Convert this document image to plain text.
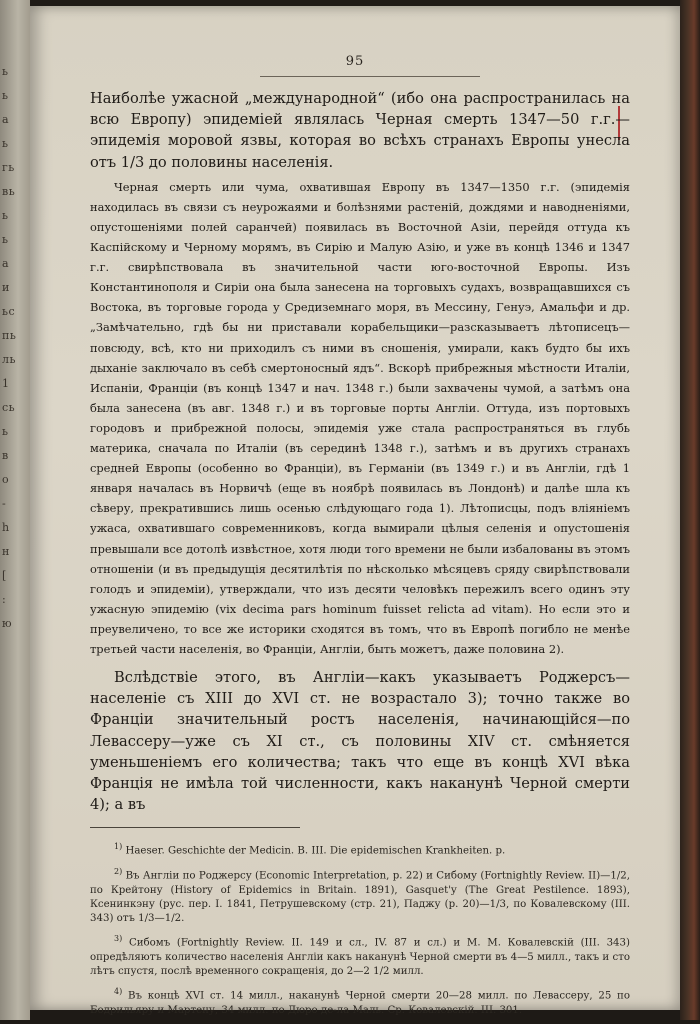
ь
ь
а
ь
гь
вь
ь
ь
а
и
ьс
пь
ль
1
сь
ь
в
о
-
h
н
[
:
ю
95

Наиболѣе ужасной „международной“ (ибо она распространилась на всю Европу) эпидеміей являлась Черная смерть 1347—50 г.г.—эпидемія моровой язвы, которая во всѣхъ странахъ Европы унесла отъ 1/3 до половины населенія.

Черная смерть или чума, охватившая Европу въ 1347—1350 г.г. (эпидемія находилась въ связи съ неурожаями и болѣзнями растеній, дождями и наводненіями, опустошеніями полей саранчей) появилась въ Восточной Азіи, перейдя оттуда къ Каспійскому и Черному морямъ, въ Сирію и Малую Азію, и уже въ концѣ 1346 и 1347 г.г. свирѣпствовала въ значительной части юго-восточной Европы. Изъ Константинополя и Сиріи она была занесена на торговыхъ судахъ, возвращавшихся съ Востока, въ торговые города у Средиземнаго моря, въ Мессину, Генуэ, Амальфи и др. „Замѣчательно, гдѣ бы ни приставали корабельщики—разсказываетъ лѣтописецъ—повсюду, всѣ, кто ни приходилъ съ ними въ сношенія, умирали, какъ будто бы ихъ дыханіе заключало въ себѣ смертоносный ядъ“. Вскорѣ прибрежныя мѣстности Италіи, Испаніи, Франціи (въ концѣ 1347 и нач. 1348 г.) были захвачены чумой, а затѣмъ она была занесена (въ авг. 1348 г.) и въ торговые порты Англіи. Оттуда, изъ портовыхъ городовъ и прибрежной полосы, эпидемія уже стала распространяться въ глубь материка, сначала по Италіи (въ серединѣ 1348 г.), затѣмъ и въ другихъ странахъ средней Европы (особенно во Франціи), въ Германіи (въ 1349 г.) и въ Англіи, гдѣ 1 января началась въ Норвичѣ (еще въ ноябрѣ появилась въ Лондонѣ) и далѣе шла къ сѣверу, прекратившись лишь осенью слѣдующаго года 1). Лѣтописцы, подъ вліяніемъ ужаса, охватившаго современниковъ, когда вымирали цѣлыя селенія и опустошенія превышали все дотолѣ извѣстное, хотя люди того времени не были избалованы въ этомъ отношеніи (и въ предыдущія десятилѣтія по нѣсколько мѣсяцевъ сряду свирѣпствовали голодъ и эпидеміи), утверждали, что изъ десяти человѣкъ пережилъ всего одинъ эту ужасную эпидемію (vix decima pars hominum fuisset relicta ad vitam). Но если это и преувеличено, то все же историки сходятся въ томъ, что въ Европѣ погибло не менѣе третьей части населенія, во Франціи, Англіи, быть можетъ, даже половина 2).

Вслѣдствіе этого, въ Англіи—какъ указываетъ Роджерсъ—населеніе съ XIII до XVI ст. не возрастало 3); точно также во Франціи значительный ростъ населенія, начинающійся—по Левассеру—уже съ XI ст., съ половины XIV ст. смѣняется уменьшеніемъ его количества; такъ что еще въ концѣ XVI вѣка Франція не имѣла той численности, какъ наканунѣ Черной смерти 4); а въ

$^{1)}$ Haeser. Geschichte der Medicin. B. III. Die epidemischen Krankheiten. p.

$^{2)}$ Въ Англіи по Роджерсу (Economic Interpretation, p. 22) и Сибому (Fortnightly Review. II)—1/2, по Крейтону (History of Epidemics in Britain. 1891), Gasquet'y (The Great Pestilence. 1893), Ксенинкэну (рус. пер. I. 1841, Петрушевскому (стр. 21), Паджу (p. 20)—1/3, по Ковалевскому (III. 343) отъ 1/3—1/2.

$^{3)}$ Сибомъ (Fortnightly Review. II. 149 и сл., IV. 87 и сл.) и М. М. Ковалевскій (III. 343) опредѣляютъ количество населенія Англіи какъ наканунѣ Черной смерти въ 4—5 милл., такъ и сто лѣтъ спустя, послѣ временного сокращенія, до 2—2 1/2 милл.

$^{4)}$ Въ концѣ XVI ст. 14 милл., наканунѣ Черной смерти 20—28 милл. по Левассеру, 25 по Бодрильяру и Мартену, 34 милл. по Дюро де-ла Маль. Ср. Ковалевскій. III. 301.
